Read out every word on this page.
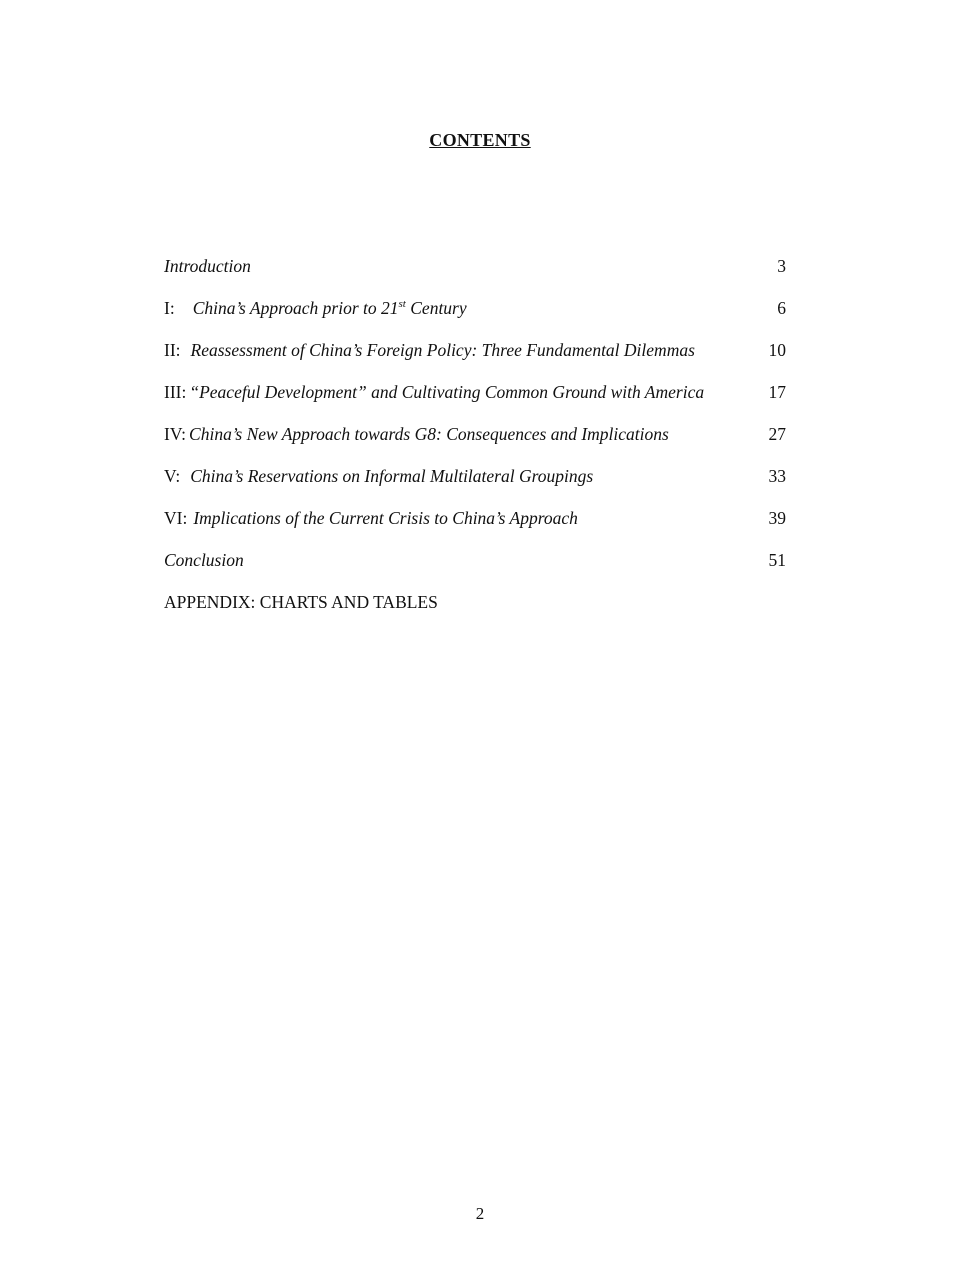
CONTENTS
Introduction	3
I: China’s Approach prior to 21st Century	6
II: Reassessment of China’s Foreign Policy: Three Fundamental Dilemmas	10
III: “Peaceful Development” and Cultivating Common Ground with America	17
IV: China’s New Approach towards G8: Consequences and Implications	27
V: China’s Reservations on Informal Multilateral Groupings	33
VI: Implications of the Current Crisis to China’s Approach	39
Conclusion	51
APPENDIX: CHARTS AND TABLES
2
